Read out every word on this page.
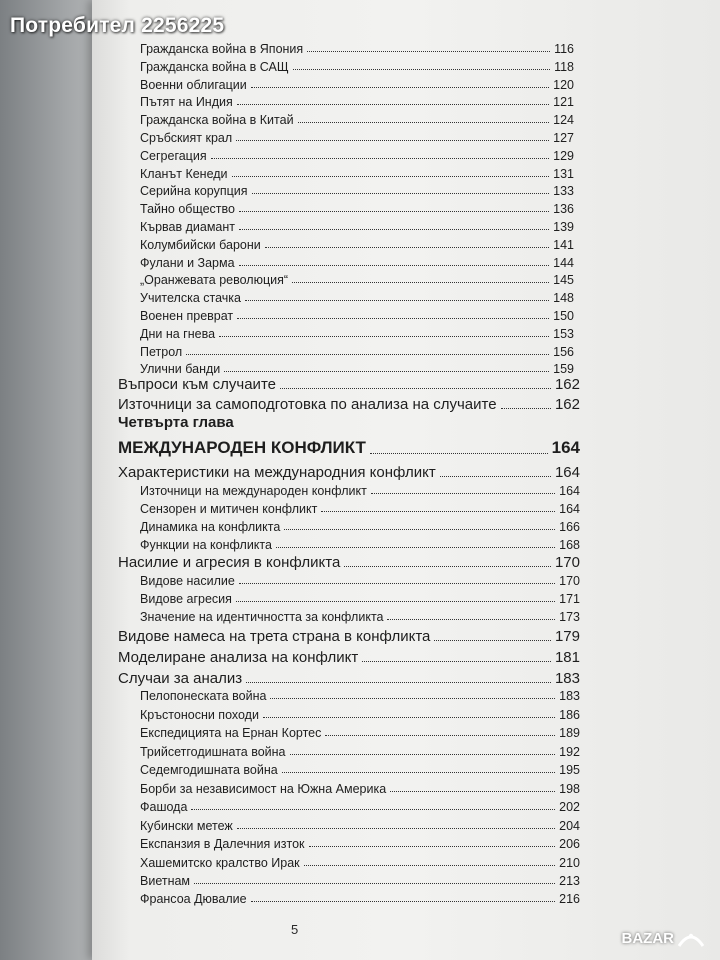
Потребител 2256225
Гражданска война в Япония	116
Гражданска война в САЩ	118
Военни облигации	120
Пътят на Индия	121
Гражданска война в Китай	124
Сръбският крал	127
Сегрегация	129
Кланът Кенеди	131
Серийна корупция	133
Тайно общество	136
Кървав диамант	139
Колумбийски барони	141
Фулани и Зарма	144
„Оранжевата революция“	145
Учителска стачка	148
Военен преврат	150
Дни на гнева	153
Петрол	156
Улични банди	159
Въпроси към случаите	162
Източници за самоподготовка по анализа на случаите	162
Четвърта глава
МЕЖДУНАРОДЕН КОНФЛИКТ	164
Характеристики на международния конфликт	164
Източници на международен конфликт	164
Сензорен и митичен конфликт	164
Динамика на конфликта	166
Функции на конфликта	168
Насилие и агресия в конфликта	170
Видове насилие	170
Видове агресия	171
Значение на идентичността за конфликта	173
Видове намеса на трета страна в конфликта	179
Моделиране анализа на конфликт	181
Случаи за анализ	183
Пелопонеската война	183
Кръстоносни походи	186
Експедицията на Ернан Кортес	189
Трийсетгодишната война	192
Седемгодишната война	195
Борби за независимост на Южна Америка	198
Фашода	202
Кубински метеж	204
Експанзия в Далечния изток	206
Хашемитско кралство Ирак	210
Виетнам	213
Франсоа Дювалие	216
5	BAZAR
